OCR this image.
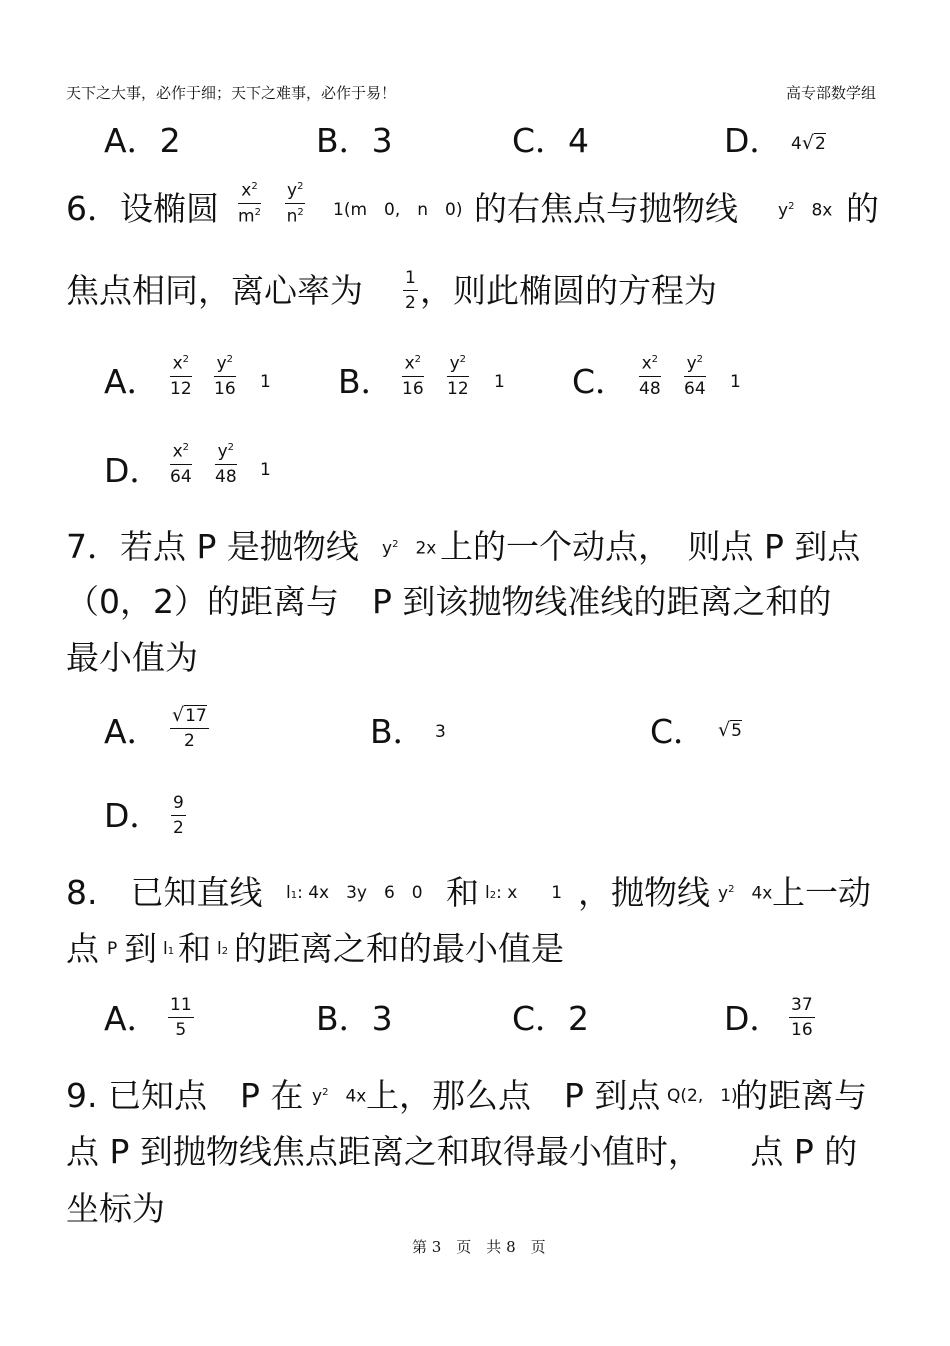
天下之大事，必作于细；天下之难事，必作于易！	高专部数学组
A．2	B．3	C．4	D． 4√2
6．设椭圆 $\frac{x^2}{m^2} \frac{y^2}{n^2} 1(m$　0,　n　0) 的右焦点与抛物线 $y^2$　 8x 的
焦点相同，离心率为 $\frac{1}{2}$ ，则此椭圆的方程为
A． $\frac{x^2}{12} \frac{y^2}{16} 1$ B． $\frac{x^2}{16} \frac{y^2}{12} 1$ C． $\frac{x^2}{48} \frac{y^2}{64} 1$
D． $\frac{x^2}{64} \frac{y^2}{48} 1$
7．若点 P 是抛物线 $y^2$　 2x 上的一个动点，　则点 P 到点
（0，2）的距离与　P 到该抛物线准线的距离之和的
最小值为
A． $\frac{√17}{2}$	B． 3	C． √5
D． $\frac{9}{2}$
8.　已知直线 l1: 4x　3y　6　0 和 l2: x　　1 ，抛物线 $y^2$　 4x 上一动
点 P 到 l1 和 l2 的距离之和的最小值是
A． $\frac{11}{5}$	B．3	C．2	D． $\frac{37}{16}$
9. 已知点　P 在 $y^2$　 4x 上，那么点　P 到点 Q(2,　1)
的距离与
点 P 到抛物线焦点距离之和取得最小值时，　　点 P 的
坐标为
第 3　页　共 8　页
